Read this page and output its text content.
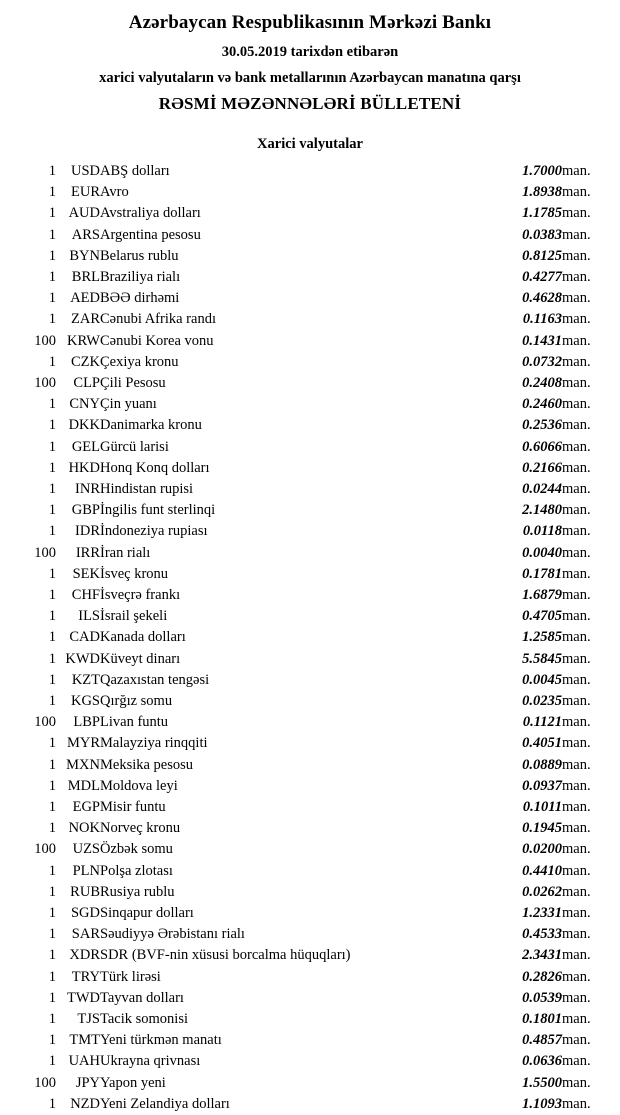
Azərbaycan Respublikasının Mərkəzi Bankı
30.05.2019 tarixdən etibarən
xarici valyutaların və bank metallarının Azərbaycan manatına qarşı
RƏSMİ MƏZƏNNƏLƏRİ BÜLLETENİ
Xarici valyutalar
1	USD	ABŞ dolları	1.7000	man.
1	EUR	Avro	1.8938	man.
1	AUD	Avstraliya dolları	1.1785	man.
1	ARS	Argentina pesosu	0.0383	man.
1	BYN	Belarus rublu	0.8125	man.
1	BRL	Braziliya rialı	0.4277	man.
1	AED	BƏƏ dirhəmi	0.4628	man.
1	ZAR	Cənubi Afrika randı	0.1163	man.
100	KRW	Cənubi Korea vonu	0.1431	man.
1	CZK	Çexiya kronu	0.0732	man.
100	CLP	Çili Pesosu	0.2408	man.
1	CNY	Çin yuanı	0.2460	man.
1	DKK	Danimarka kronu	0.2536	man.
1	GEL	Gürcü larisi	0.6066	man.
1	HKD	Honq Konq dolları	0.2166	man.
1	INR	Hindistan rupisi	0.0244	man.
1	GBP	İngilis funt sterlinqi	2.1480	man.
1	IDR	İndoneziya rupiası	0.0118	man.
100	IRR	İran rialı	0.0040	man.
1	SEK	İsveç kronu	0.1781	man.
1	CHF	İsveçrə frankı	1.6879	man.
1	ILS	İsrail şekeli	0.4705	man.
1	CAD	Kanada dolları	1.2585	man.
1	KWD	Küveyt dinarı	5.5845	man.
1	KZT	Qazaxıstan tengəsi	0.0045	man.
1	KGS	Qırğız somu	0.0235	man.
100	LBP	Livan funtu	0.1121	man.
1	MYR	Malayziya rinqqiti	0.4051	man.
1	MXN	Meksika pesosu	0.0889	man.
1	MDL	Moldova leyi	0.0937	man.
1	EGP	Misir funtu	0.1011	man.
1	NOK	Norveç kronu	0.1945	man.
100	UZS	Özbək somu	0.0200	man.
1	PLN	Polşa zlotası	0.4410	man.
1	RUB	Rusiya rublu	0.0262	man.
1	SGD	Sinqapur dolları	1.2331	man.
1	SAR	Səudiyyə Ərəbistanı rialı	0.4533	man.
1	XDR	SDR (BVF-nin xüsusi borcalma hüquqları)	2.3431	man.
1	TRY	Türk lirəsi	0.2826	man.
1	TWD	Tayvan dolları	0.0539	man.
1	TJS	Tacik somonisi	0.1801	man.
1	TMT	Yeni türkmən manatı	0.4857	man.
1	UAH	Ukrayna qrivnası	0.0636	man.
100	JPY	Yapon yeni	1.5500	man.
1	NZD	Yeni Zelandiya dolları	1.1093	man.
